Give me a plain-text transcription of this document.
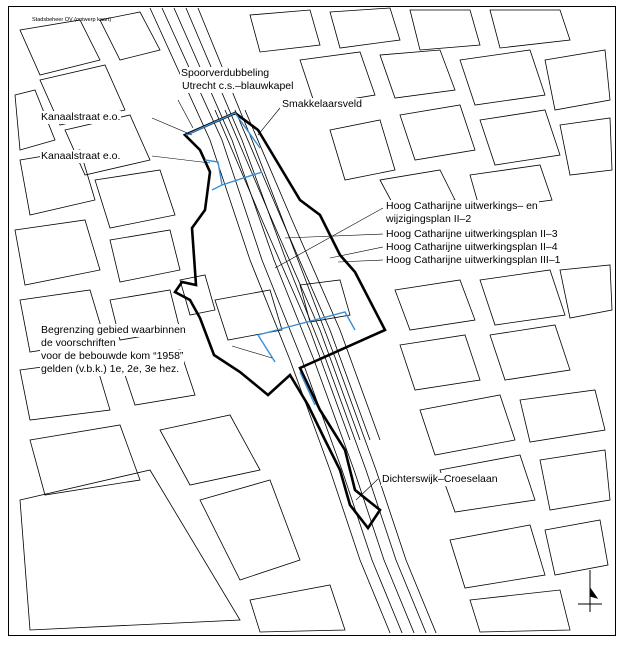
Stadsbeheer OV (ontwerp kaart)
Spoorverdubbeling
Utrecht c.s.–blauwkapel
Smakkelaarsveld
Kanaalstraat e.o.
Kanaalstraat e.o.
Hoog Catharijne uitwerkings– en
wijzigingsplan II–2
Hoog Catharijne uitwerkingsplan II–3
Hoog Catharijne uitwerkingsplan II–4
Hoog Catharijne uitwerkingsplan III–1
Begrenzing gebied waarbinnen
de voorschriften
voor de bebouwde kom “1958”
gelden (v.b.k.) 1e, 2e, 3e hez.
Dichterswijk–Croeselaan
